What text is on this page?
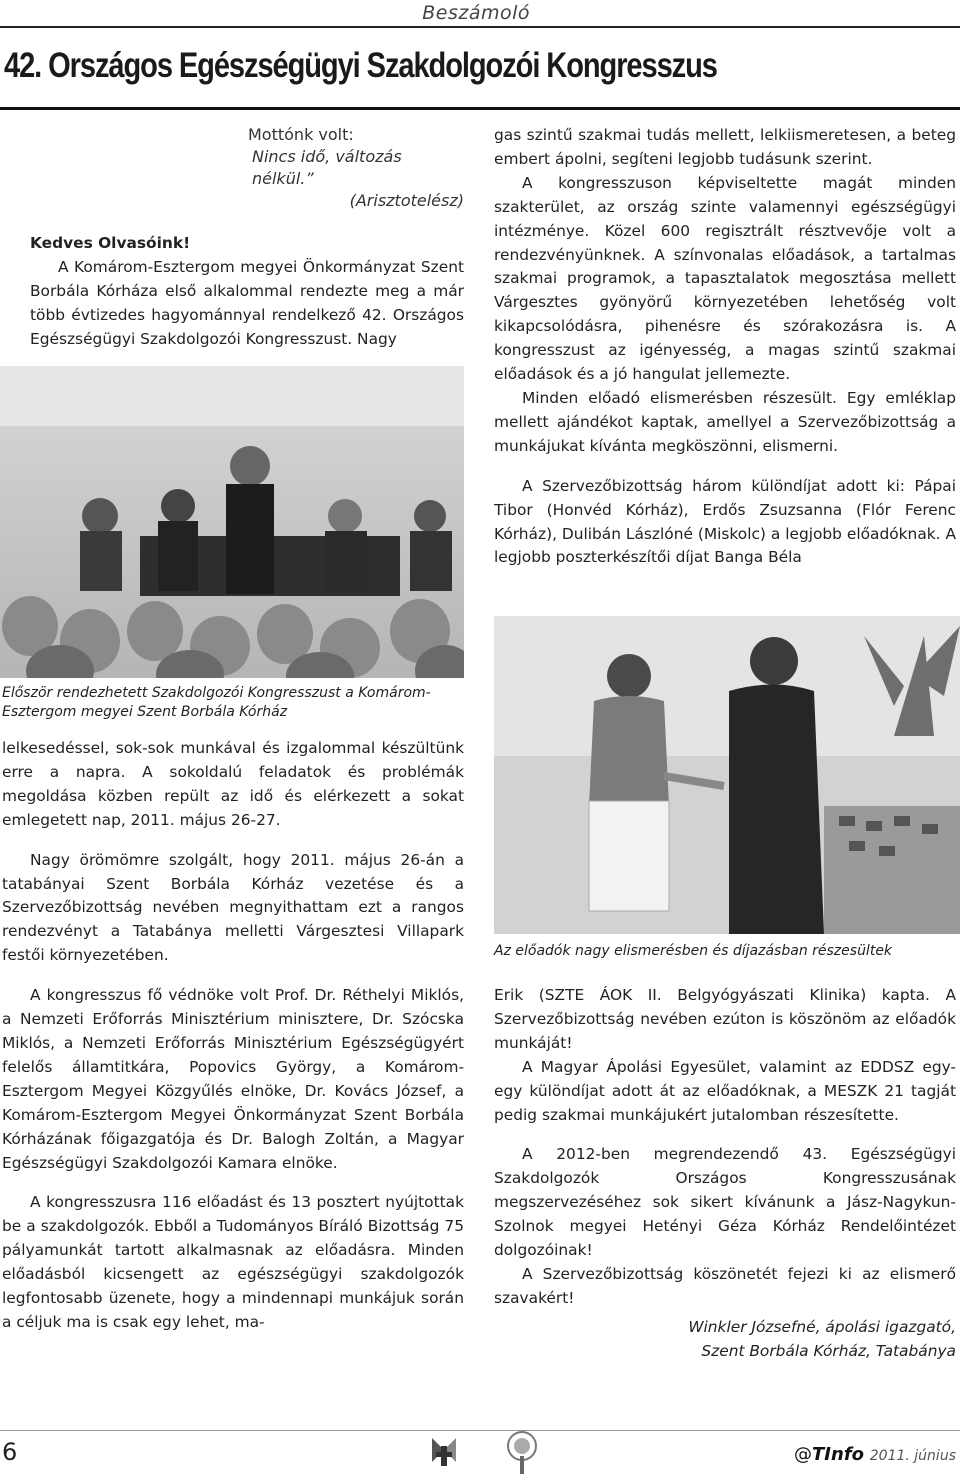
Beszámoló
42. Országos Egészségügyi Szakdolgozói Kongresszus
Mottónk volt:
Nincs idő, változás nélkül.”
(Arisztotelész)
Kedves Olvasóink!

A Komárom-Esztergom megyei Önkormányzat Szent Borbála Kórháza első alkalommal rendezte meg a már több évtizedes hagyománnyal rendelkező 42. Országos Egészségügyi Szakdolgozói Kongresszust. Nagy

Először rendezhetett Szakdolgozói Kongresszust a Komárom-Esztergom megyei Szent Borbála Kórház

lelkesedéssel, sok-sok munkával és izgalommal készültünk erre a napra. A sokoldalú feladatok és problémák megoldása közben repült az idő és elérkezett a sokat emlegetett nap, 2011. május 26-27.

Nagy örömömre szolgált, hogy 2011. május 26-án a tatabányai Szent Borbála Kórház vezetése és a Szervezőbizottság nevében megnyithattam ezt a rangos rendezvényt a Tatabánya melletti Várgesztesi Villapark festői környezetében.

A kongresszus fő védnöke volt Prof. Dr. Réthelyi Miklós, a Nemzeti Erőforrás Minisztérium minisztere, Dr. Szócska Miklós, a Nemzeti Erőforrás Minisztérium Egészségügyért felelős államtitkára, Popovics György, a Komárom-Esztergom Megyei Közgyűlés elnöke, Dr. Kovács József, a Komárom-Esztergom Megyei Önkormányzat Szent Borbála Kórházának főigazgatója és Dr. Balogh Zoltán, a Magyar Egészségügyi Szakdolgozói Kamara elnöke.

A kongresszusra 116 előadást és 13 posztert nyújtottak be a szakdolgozók. Ebből a Tudományos Bíráló Bizottság 75 pályamunkát tartott alkalmasnak az előadásra. Minden előadásból kicsengett az egészségügyi szakdolgozók legfontosabb üzenete, hogy a mindennapi munkájuk során a céljuk ma is csak egy lehet, ma-

gas szintű szakmai tudás mellett, lelkiismeretesen, a beteg embert ápolni, segíteni legjobb tudásunk szerint.

A kongresszuson képviseltette magát minden szakterület, az ország szinte valamennyi egészségügyi intézménye. Közel 600 regisztrált résztvevője volt a rendezvényünknek. A színvonalas előadások, a tartalmas szakmai programok, a tapasztalatok megosztása mellett Várgesztes gyönyörű környezetében lehetőség volt kikapcsolódásra, pihenésre és szórakozásra is. A kongresszust az igényesség, a magas szintű szakmai előadások és a jó hangulat jellemezte.

Minden előadó elismerésben részesült. Egy emléklap mellett ajándékot kaptak, amellyel a Szervezőbizottság a munkájukat kívánta megköszönni, elismerni.

A Szervezőbizottság három különdíjat adott ki: Pápai Tibor (Honvéd Kórház), Erdős Zsuzsanna (Flór Ferenc Kórház), Dulibán Lászlóné (Miskolc) a legjobb előadóknak. A legjobb poszterkészítői díjat Banga Béla

Az előadók nagy elismerésben és díjazásban részesültek

Erik (SZTE ÁOK II. Belgyógyászati Klinika) kapta. A Szervezőbizottság nevében ezúton is köszönöm az előadók munkáját!

A Magyar Ápolási Egyesület, valamint az EDDSZ egy-egy különdíjat adott át az előadóknak, a MESZK 21 tagját pedig szakmai munkájukért jutalomban részesítette.

A 2012-ben megrendezendő 43. Egészségügyi Szakdolgozók Országos Kongresszusának megszervezéséhez sok sikert kívánunk a Jász-Nagykun-Szolnok megyei Hetényi Géza Kórház Rendelőintézet dolgozóinak!

A Szervezőbizottság köszönetét fejezi ki az elismerő szavakért!

Winkler Józsefné, ápolási igazgató,
Szent Borbála Kórház, Tatabánya
6	@TInfo 2011. június
